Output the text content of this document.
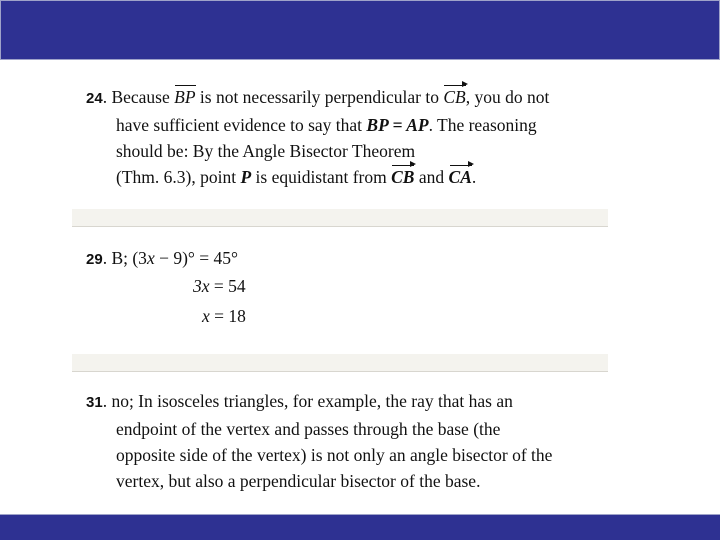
24. Because BP is not necessarily perpendicular to CB, you do not
have sufficient evidence to say that BP = AP. The reasoning
should be: By the Angle Bisector Theorem
(Thm. 6.3), point P is equidistant from CB and CA.
29. B; (3x − 9)° = 45°
3x = 54
x = 18
31. no; In isosceles triangles, for example, the ray that has an
endpoint of the vertex and passes through the base (the
opposite side of the vertex) is not only an angle bisector of the
vertex, but also a perpendicular bisector of the base.
